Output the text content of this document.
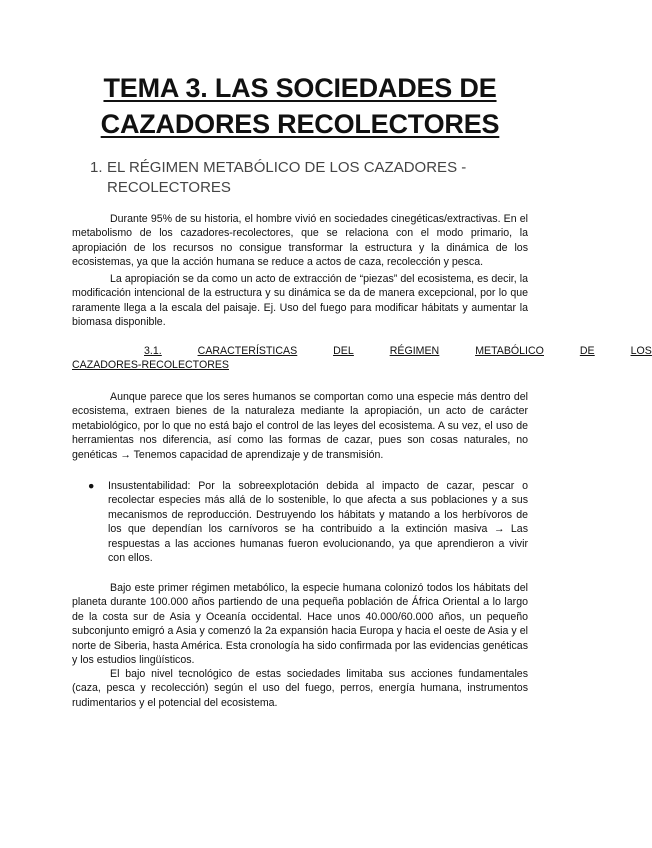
TEMA 3. LAS SOCIEDADES DE
CAZADORES RECOLECTORES
1. EL RÉGIMEN METABÓLICO DE LOS CAZADORES - RECOLECTORES

Durante 95% de su historia, el hombre vivió en sociedades cinegéticas/extractivas. En el metabolismo de los cazadores-recolectores, que se relaciona con el modo primario, la apropiación de los recursos no consigue transformar la estructura y la dinámica de los ecosistemas, ya que la acción humana se reduce a actos de caza, recolección y pesca.

La apropiación se da como un acto de extracción de “piezas” del ecosistema, es decir, la modificación intencional de la estructura y su dinámica se da de manera excepcional, por lo que raramente llega a la escala del paisaje. Ej. Uso del fuego para modificar hábitats y aumentar la biomasa disponible.

3.1.	CARACTERÍSTICAS	DEL	RÉGIMEN	METABÓLICO	DE	LOS
CAZADORES-RECOLECTORES

Aunque parece que los seres humanos se comportan como una especie más dentro del ecosistema, extraen bienes de la naturaleza mediante la apropiación, un acto de carácter metabiológico, por lo que no está bajo el control de las leyes del ecosistema. A su vez, el uso de herramientas nos diferencia, así como las formas de cazar, pues son cosas naturales, no genéticas → Tenemos capacidad de aprendizaje y de transmisión.

● Insustentabilidad: Por la sobreexplotación debida al impacto de cazar, pescar o recolectar especies más allá de lo sostenible, lo que afecta a sus poblaciones y a sus mecanismos de reproducción. Destruyendo los hábitats y matando a los herbívoros de los que dependían los carnívoros se ha contribuido a la extinción masiva → Las respuestas a las acciones humanas fueron evolucionando, ya que aprendieron a vivir con ellos.

Bajo este primer régimen metabólico, la especie humana colonizó todos los hábitats del planeta durante 100.000 años partiendo de una pequeña población de África Oriental a lo largo de la costa sur de Asia y Oceanía occidental. Hace unos 40.000/60.000 años, un pequeño subconjunto emigró a Asia y comenzó la 2a expansión hacia Europa y hacia el oeste de Asia y el norte de Siberia, hasta América. Esta cronología ha sido confirmada por las evidencias genéticas y los estudios lingüísticos.

El bajo nivel tecnológico de estas sociedades limitaba sus acciones fundamentales (caza, pesca y recolección) según el uso del fuego, perros, energía humana, instrumentos rudimentarios y el potencial del ecosistema.
